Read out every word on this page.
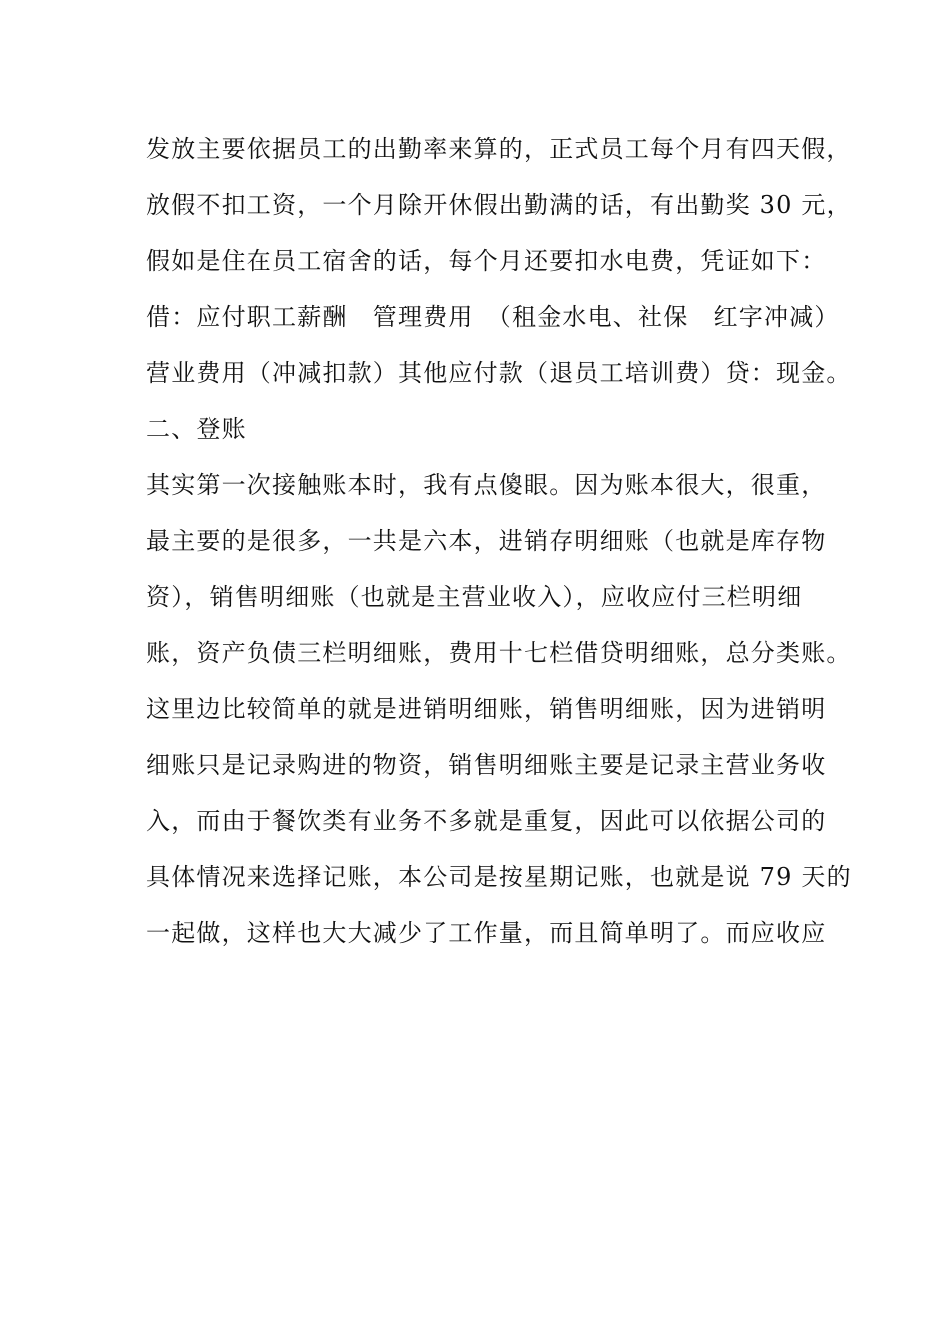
发放主要依据员工的出勤率来算的，正式员工每个月有四天假，
放假不扣工资，一个月除开休假出勤满的话，有出勤奖 30 元，
假如是住在员工宿舍的话，每个月还要扣水电费，凭证如下：
借：应付职工薪酬　管理费用　（租金水电、社保　红字冲减）
营业费用（冲减扣款）其他应付款（退员工培训费）贷：现金。
二、登账
其实第一次接触账本时，我有点傻眼。因为账本很大，很重，
最主要的是很多，一共是六本，进销存明细账（也就是库存物
资），销售明细账（也就是主营业收入），应收应付三栏明细
账，资产负债三栏明细账，费用十七栏借贷明细账，总分类账。
这里边比较简单的就是进销明细账，销售明细账，因为进销明
细账只是记录购进的物资，销售明细账主要是记录主营业务收
入，而由于餐饮类有业务不多就是重复，因此可以依据公司的
具体情况来选择记账，本公司是按星期记账，也就是说 79 天的
一起做，这样也大大减少了工作量，而且简单明了。而应收应
